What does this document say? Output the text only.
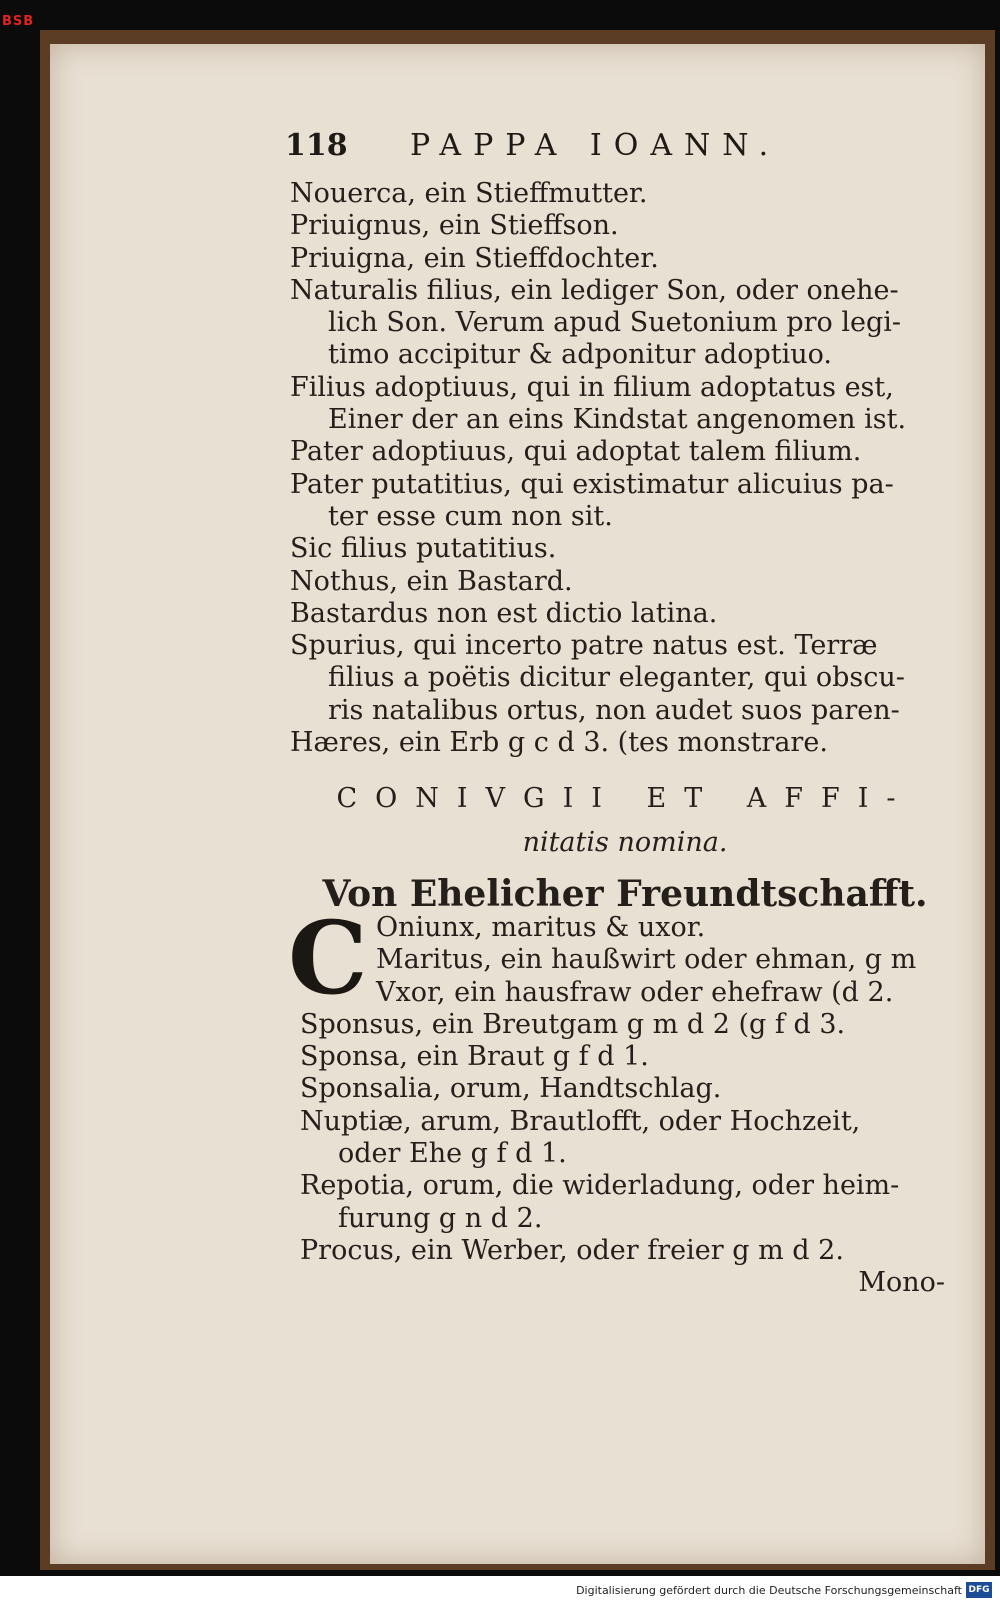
BSB
118 PAPPA IOANN.
Nouerca, ein Stieffmutter.
Priuignus, ein Stieffson.
Priuigna, ein Stieffdochter.
Naturalis filius, ein lediger Son, oder onehe-
lich Son. Verum apud Suetonium pro legi-
timo accipitur & adponitur adoptiuo.
Filius adoptiuus, qui in filium adoptatus est,
Einer der an eins Kindstat angenomen ist.
Pater adoptiuus, qui adoptat talem filium.
Pater putatitius, qui existimatur alicuius pa-
ter esse cum non sit.
Sic filius putatitius.
Nothus, ein Bastard.
Bastardus non est dictio latina.
Spurius, qui incerto patre natus est. Terræ
filius a poëtis dicitur eleganter, qui obscu-
ris natalibus ortus, non audet suos paren-
Hæres, ein Erb g c d 3. (tes monstrare.
CONIVGII ET AFFI-
nitatis nomina.
Von Ehelicher Freundtschafft.
C Oniunx, maritus & uxor.
Maritus, ein haußwirt oder ehman, g m
Vxor, ein hausfraw oder ehefraw (d 2.
Sponsus, ein Breutgam g m d 2 (g f d 3.
Sponsa, ein Braut g f d 1.
Sponsalia, orum, Handtschlag.
Nuptiæ, arum, Brautlofft, oder Hochzeit,
oder Ehe g f d 1.
Repotia, orum, die widerladung, oder heim-
furung g n d 2.
Procus, ein Werber, oder freier g m d 2.
Mono-
Digitalisierung gefördert durch die Deutsche Forschungsgemeinschaft DFG
